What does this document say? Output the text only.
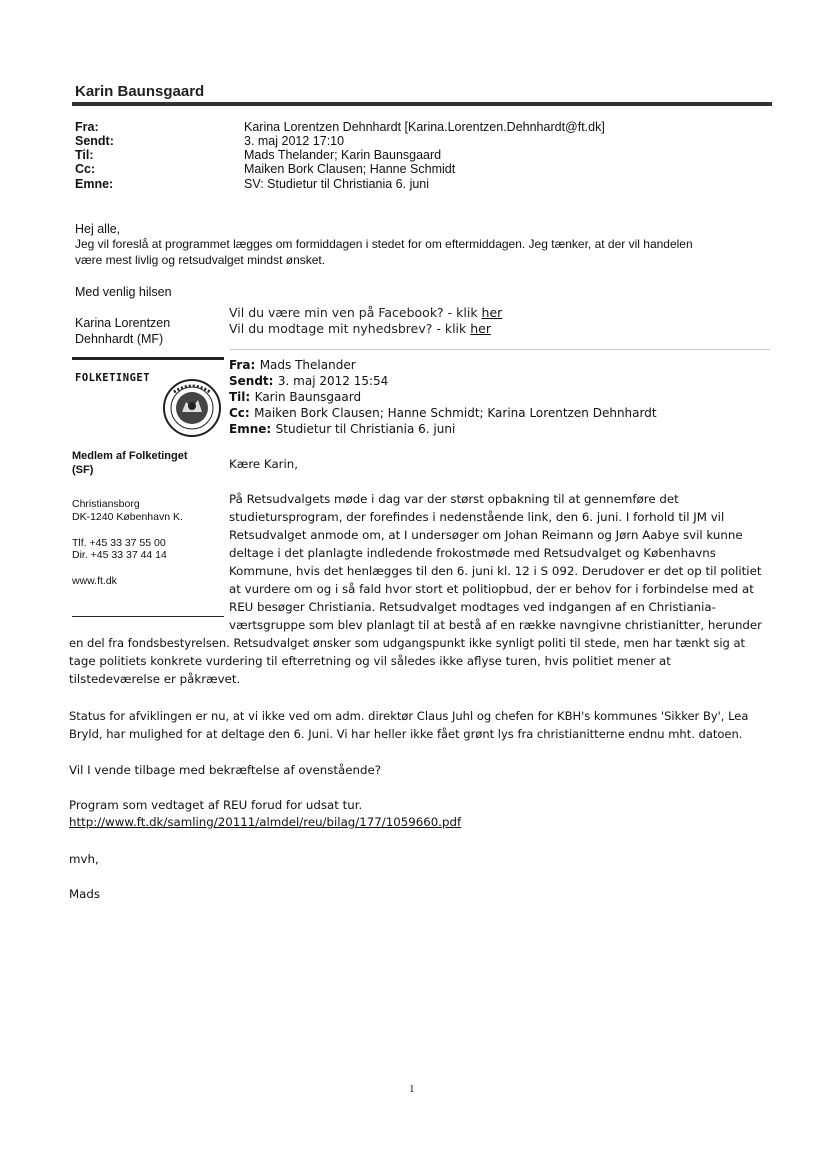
Karin Baunsgaard
Fra:
Sendt:
Til:
Cc:
Emne:
Karina Lorentzen Dehnhardt [Karina.Lorentzen.Dehnhardt@ft.dk]
3. maj 2012 17:10
Mads Thelander; Karin Baunsgaard
Maiken Bork Clausen; Hanne Schmidt
SV: Studietur til Christiania 6. juni
Hej alle,
Jeg vil foreslå at programmet lægges om formiddagen i stedet for om eftermiddagen. Jeg tænker, at der vil handelen
være mest livlig og retsudvalget mindst ønsket.
Med venlig hilsen
Karina Lorentzen
Dehnhardt (MF)
Vil du være min ven på Facebook? - klik her
Vil du modtage mit nyhedsbrev? - klik her
FOLKETINGET
Medlem af Folketinget
(SF)
Christiansborg
DK-1240 København K.
Tlf. +45 33 37 55 00
Dir. +45 33 37 44 14
www.ft.dk
Fra: Mads Thelander
Sendt: 3. maj 2012 15:54
Til: Karin Baunsgaard
Cc: Maiken Bork Clausen; Hanne Schmidt; Karina Lorentzen Dehnhardt
Emne: Studietur til Christiania 6. juni
Kære Karin,
På Retsudvalgets møde i dag var der størst opbakning til at gennemføre det
studietursprogram, der forefindes i nedenstående link, den 6. juni. I forhold til JM vil
Retsudvalget anmode om, at I undersøger om Johan Reimann og Jørn Aabye svil kunne
deltage i det planlagte indledende frokostmøde med Retsudvalget og Københavns
Kommune, hvis det henlægges til den 6. juni kl. 12 i S 092. Derudover er det op til politiet
at vurdere om og i så fald hvor stort et politiopbud, der er behov for i forbindelse med at
REU besøger Christiania. Retsudvalget modtages ved indgangen af en Christiania-
værtsgruppe som blev planlagt til at bestå af en række navngivne christianitter, herunder
en del fra fondsbestyrelsen. Retsudvalget ønsker som udgangspunkt ikke synligt politi til stede, men har tænkt sig at
tage politiets konkrete vurdering til efterretning og vil således ikke aflyse turen, hvis politiet mener at
tilstedeværelse er påkrævet.
Status for afviklingen er nu, at vi ikke ved om adm. direktør Claus Juhl og chefen for KBH's kommunes 'Sikker By', Lea
Bryld, har mulighed for at deltage den 6. Juni. Vi har heller ikke fået grønt lys fra christianitterne endnu mht. datoen.
Vil I vende tilbage med bekræftelse af ovenstående?
Program som vedtaget af REU forud for udsat tur.
http://www.ft.dk/samling/20111/almdel/reu/bilag/177/1059660.pdf
mvh,
Mads
1
